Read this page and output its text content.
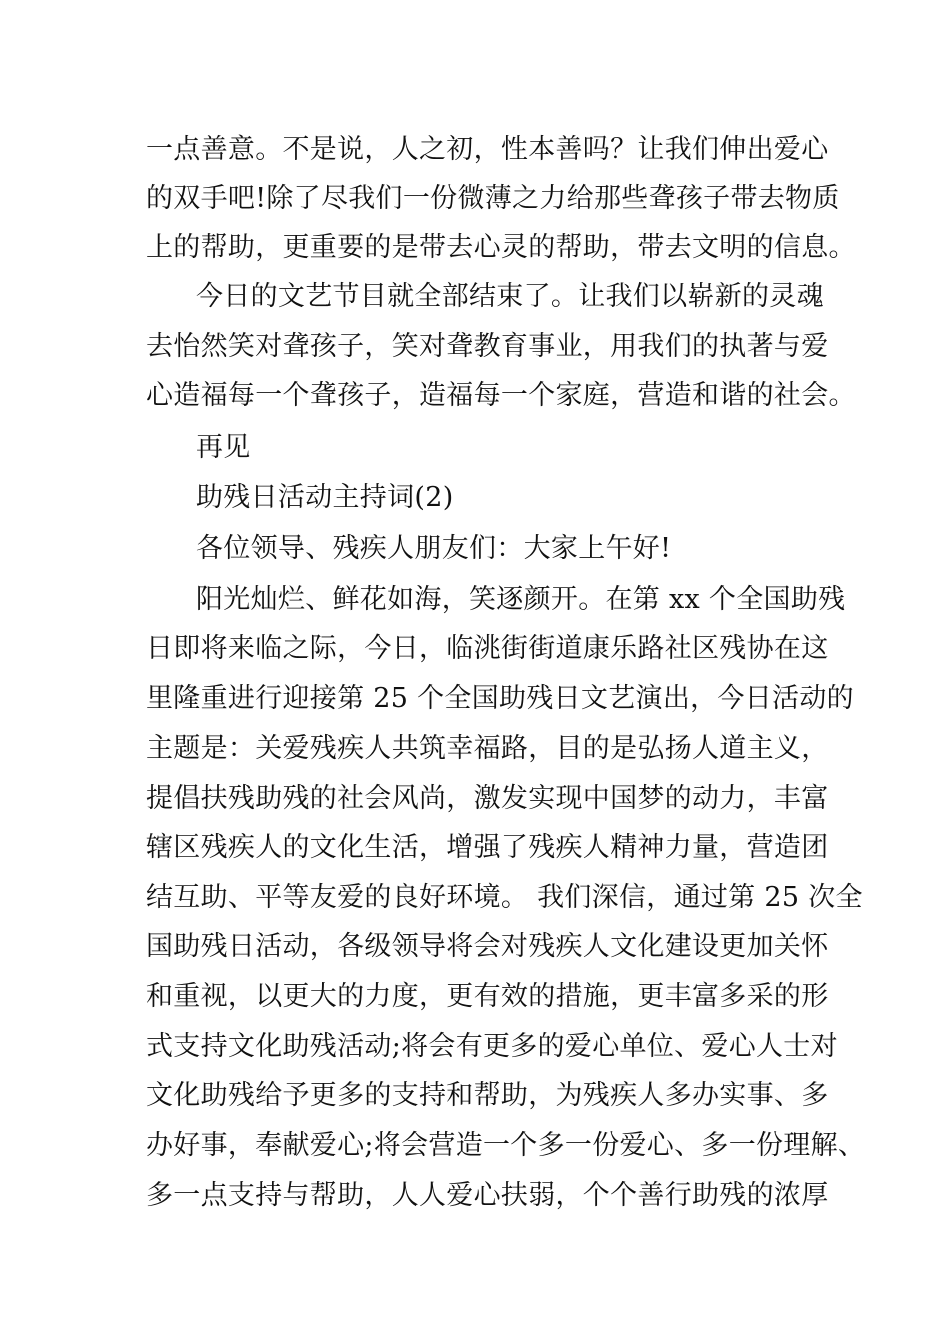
一点善意。不是说，人之初，性本善吗？让我们伸出爱心
的双手吧!除了尽我们一份微薄之力给那些聋孩子带去物质
上的帮助，更重要的是带去心灵的帮助，带去文明的信息。
今日的文艺节目就全部结束了。让我们以崭新的灵魂
去怡然笑对聋孩子，笑对聋教育事业，用我们的执著与爱
心造福每一个聋孩子，造福每一个家庭，营造和谐的社会。
再见
助残日活动主持词(2)
各位领导、残疾人朋友们：大家上午好!
阳光灿烂、鲜花如海，笑逐颜开。在第 xx 个全国助残
日即将来临之际，今日，临洮街街道康乐路社区残协在这
里隆重进行迎接第 25 个全国助残日文艺演出，今日活动的
主题是：关爱残疾人共筑幸福路，目的是弘扬人道主义，
提倡扶残助残的社会风尚，激发实现中国梦的动力，丰富
辖区残疾人的文化生活，增强了残疾人精神力量，营造团
结互助、平等友爱的良好环境。 我们深信，通过第 25 次全
国助残日活动，各级领导将会对残疾人文化建设更加关怀
和重视，以更大的力度，更有效的措施，更丰富多采的形
式支持文化助残活动;将会有更多的爱心单位、爱心人士对
文化助残给予更多的支持和帮助，为残疾人多办实事、多
办好事，奉献爱心;将会营造一个多一份爱心、多一份理解、
多一点支持与帮助，人人爱心扶弱，个个善行助残的浓厚
